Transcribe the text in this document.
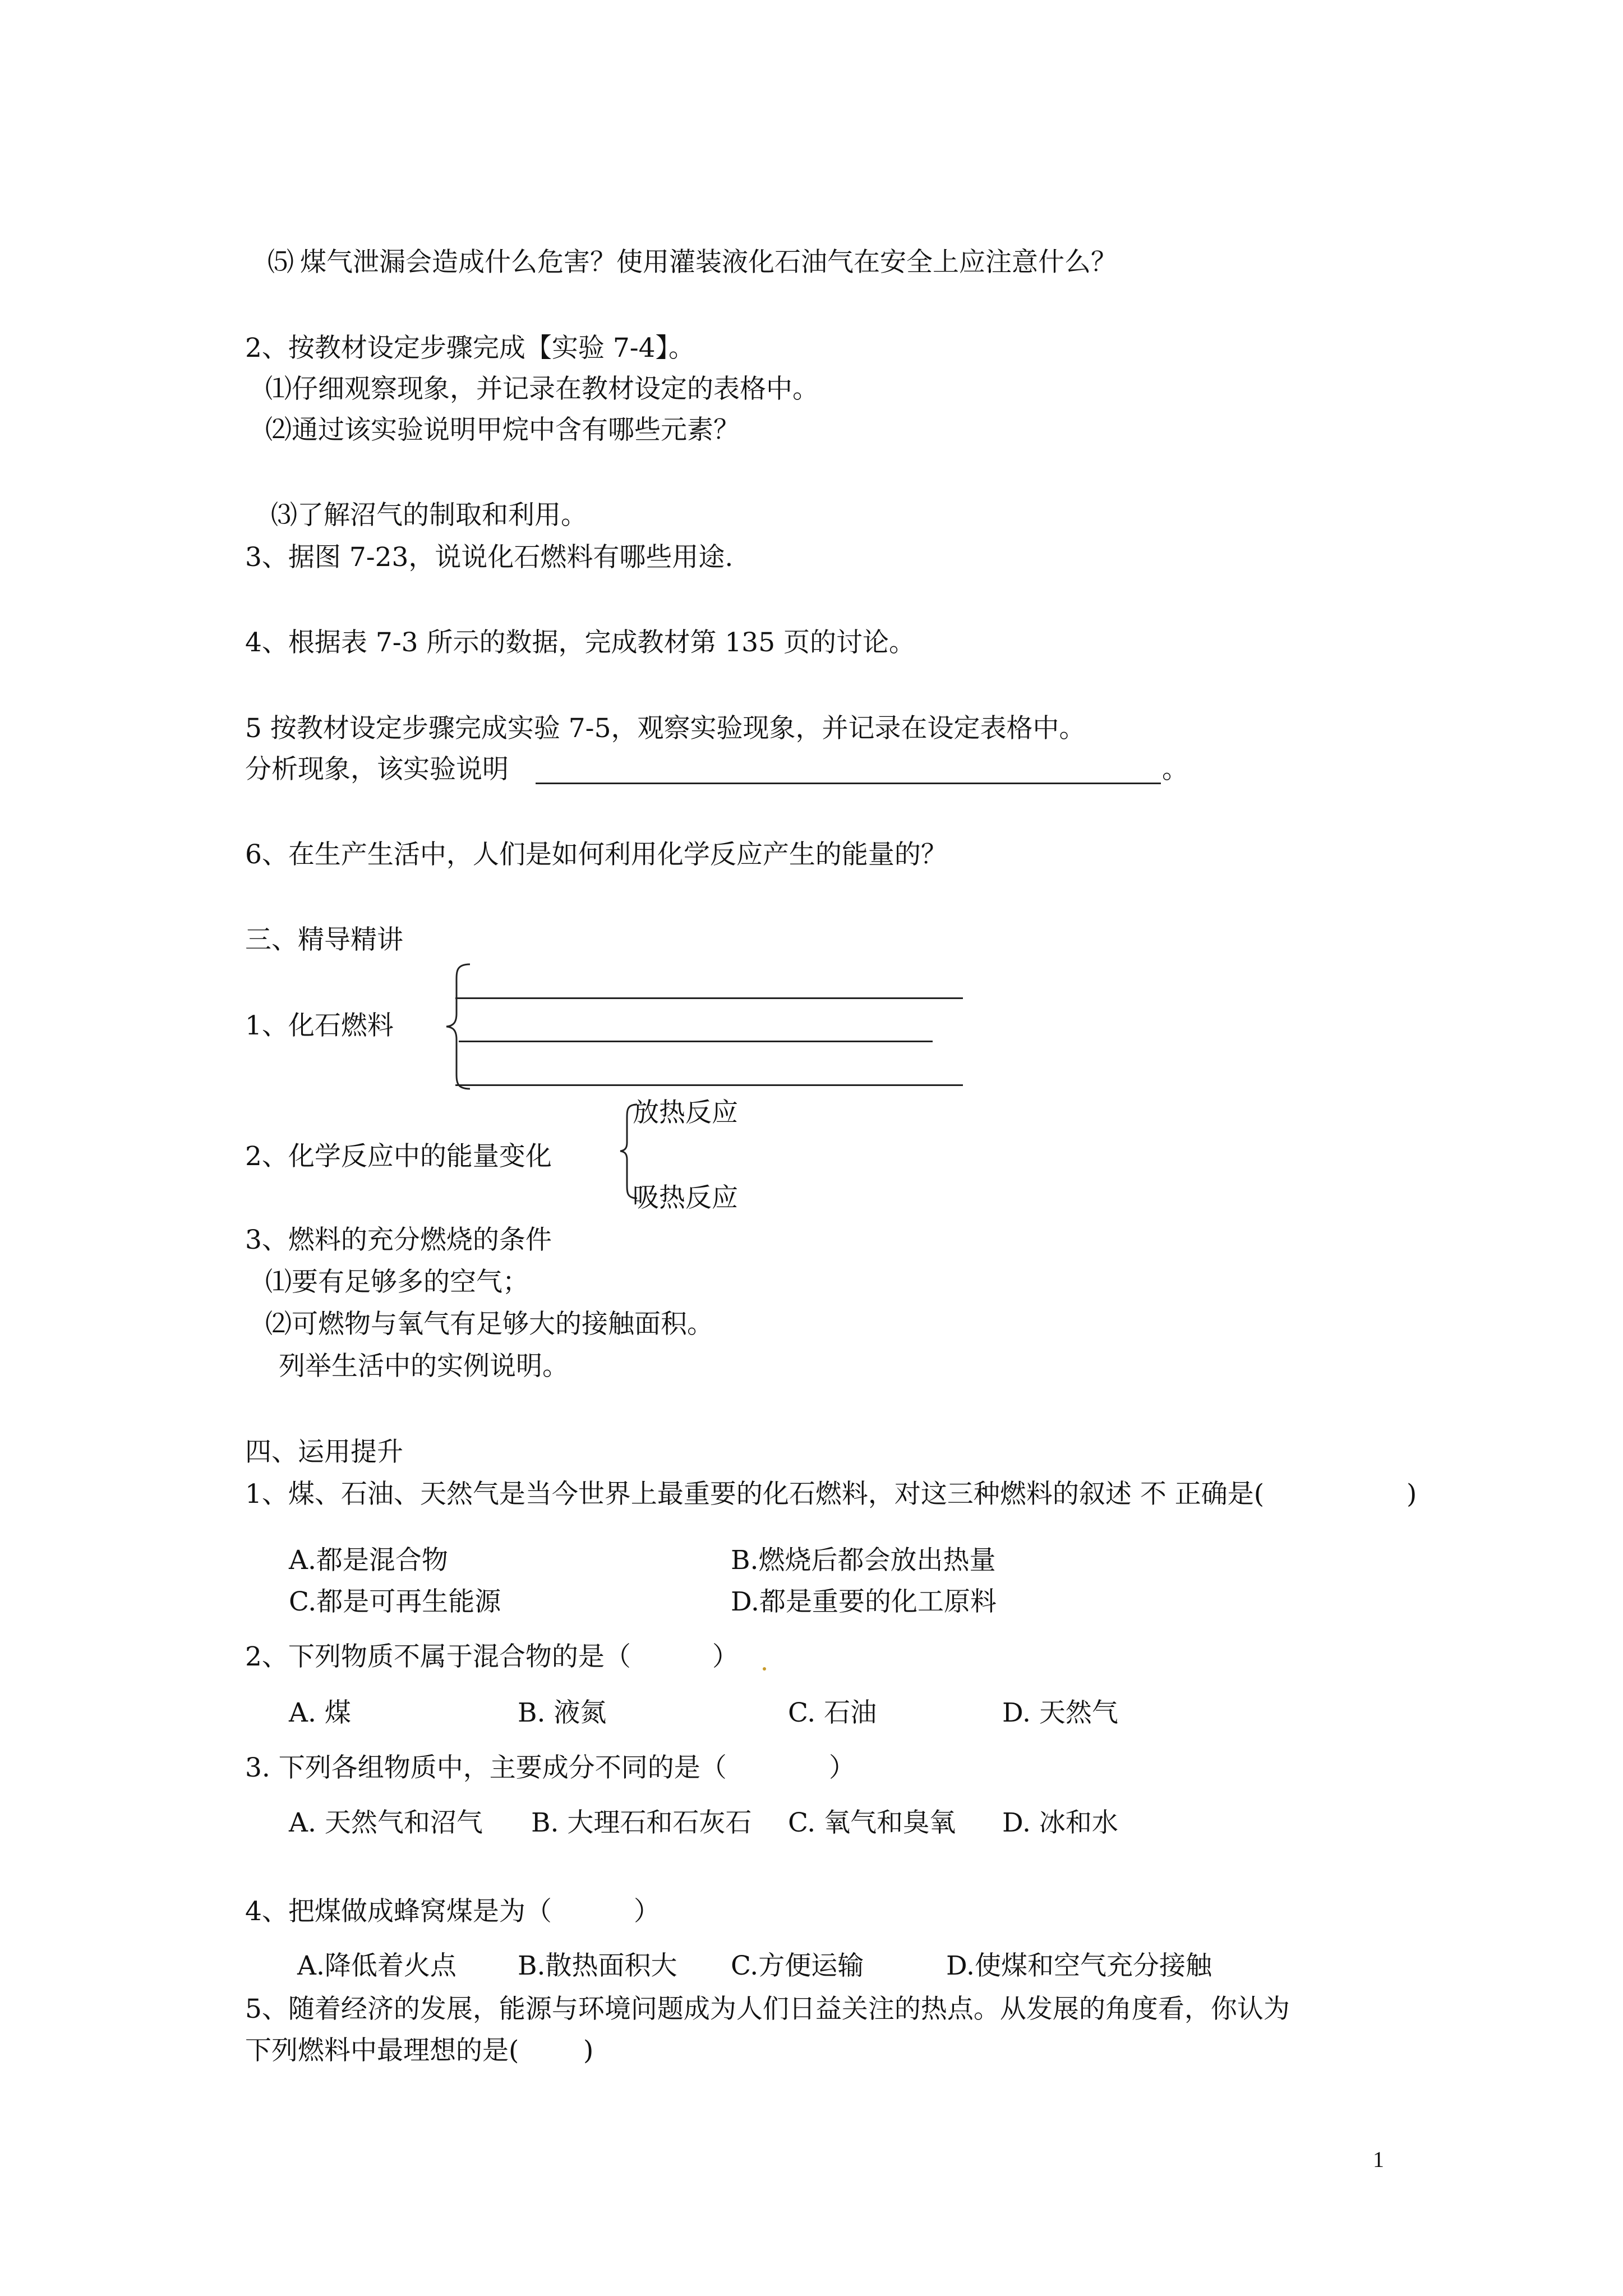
⑸ 煤气泄漏会造成什么危害？使用灌装液化石油气在安全上应注意什么？
2、按教材设定步骤完成【实验 7-4】。
⑴仔细观察现象，并记录在教材设定的表格中。
⑵通过该实验说明甲烷中含有哪些元素？
⑶了解沼气的制取和利用。
3、据图 7-23，说说化石燃料有哪些用途.
4、根据表 7-3 所示的数据，完成教材第 135 页的讨论。
5 按教材设定步骤完成实验 7-5，观察实验现象，并记录在设定表格中。
分析现象，该实验说明	。
6、在生产生活中，人们是如何利用化学反应产生的能量的？
三、精导精讲
1、化石燃料
2、化学反应中的能量变化
放热反应
吸热反应
3、燃料的充分燃烧的条件
⑴要有足够多的空气；
⑵可燃物与氧气有足够大的接触面积。
列举生活中的实例说明。
四、运用提升
1、煤、石油、天然气是当今世界上最重要的化石燃料，对这三种燃料的叙述 不 正确是(	)
A.都是混合物	B.燃烧后都会放出热量
C.都是可再生能源	D.都是重要的化工原料
2、下列物质不属于混合物的是（	）
A. 煤	B. 液氮	C. 石油	D. 天然气
3. 下列各组物质中，主要成分不同的是（	）
A. 天然气和沼气 B. 大理石和石灰石 C. 氧气和臭氧 D. 冰和水
4、把煤做成蜂窝煤是为（	）
A.降低着火点 B.散热面积大 C.方便运输	D.使煤和空气充分接触
5、随着经济的发展，能源与环境问题成为人们日益关注的热点。从发展的角度看，你认为
下列燃料中最理想的是( )
1
